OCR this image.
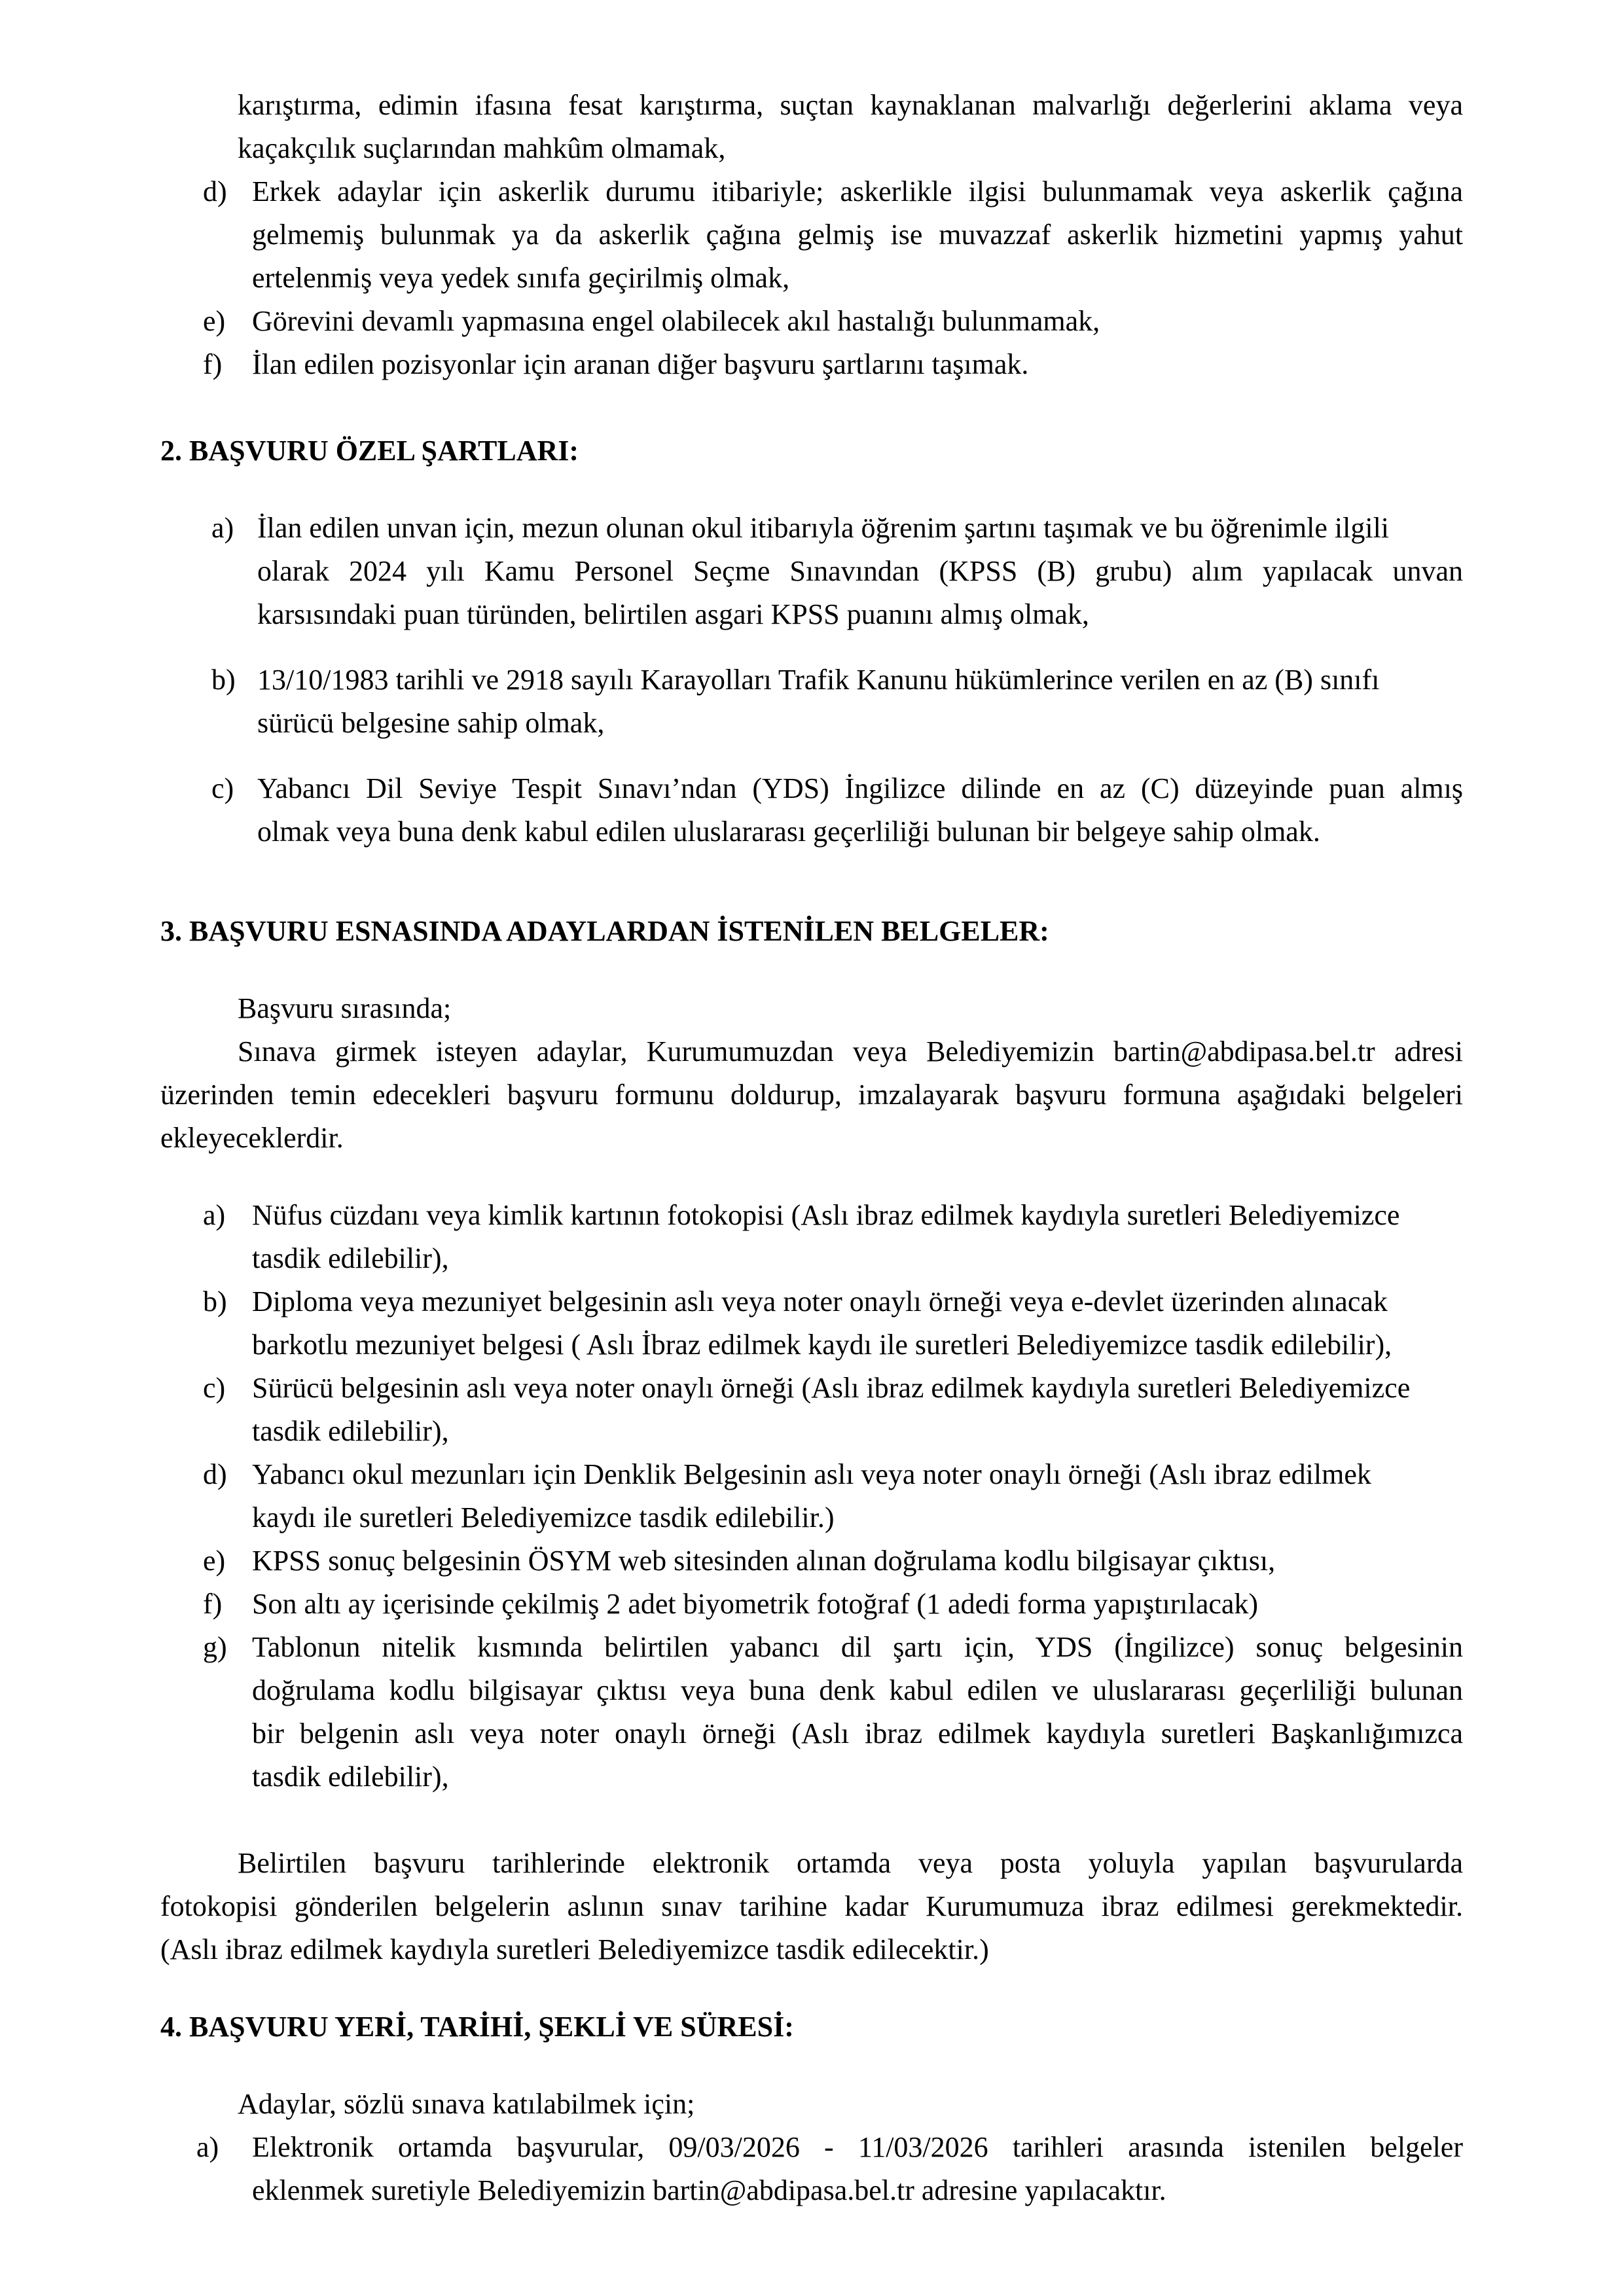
karıştırma, edimin ifasına fesat karıştırma, suçtan kaynaklanan malvarlığı değerlerini aklama veya
kaçakçılık suçlarından mahkûm olmamak,
d) Erkek adaylar için askerlik durumu itibariyle; askerlikle ilgisi bulunmamak veya askerlik çağına
gelmemiş bulunmak ya da askerlik çağına gelmiş ise muvazzaf askerlik hizmetini yapmış yahut
ertelenmiş veya yedek sınıfa geçirilmiş olmak,
e) Görevini devamlı yapmasına engel olabilecek akıl hastalığı bulunmamak,
f)	İlan edilen pozisyonlar için aranan diğer başvuru şartlarını taşımak.
2. BAŞVURU ÖZEL ŞARTLARI:
a) İlan edilen unvan için, mezun olunan okul itibarıyla öğrenim şartını taşımak ve bu öğrenimle ilgili
olarak 2024 yılı Kamu Personel Seçme Sınavından (KPSS (B) grubu) alım yapılacak unvan
karsısındaki puan türünden, belirtilen asgari KPSS puanını almış olmak,
b) 13/10/1983 tarihli ve 2918 sayılı Karayolları Trafik Kanunu hükümlerince verilen en az (B) sınıfı
sürücü belgesine sahip olmak,
c) Yabancı Dil Seviye Tespit Sınavı’ndan (YDS) İngilizce dilinde en az (C) düzeyinde puan almış
olmak veya buna denk kabul edilen uluslararası geçerliliği bulunan bir belgeye sahip olmak.
3. BAŞVURU ESNASINDA ADAYLARDAN İSTENİLEN BELGELER:
Başvuru sırasında;
Sınava girmek isteyen adaylar, Kurumumuzdan veya Belediyemizin bartin@abdipasa.bel.tr adresi
üzerinden temin edecekleri başvuru formunu doldurup, imzalayarak başvuru formuna aşağıdaki belgeleri
ekleyeceklerdir.
a) Nüfus cüzdanı veya kimlik kartının fotokopisi (Aslı ibraz edilmek kaydıyla suretleri Belediyemizce
tasdik edilebilir),
b) Diploma veya mezuniyet belgesinin aslı veya noter onaylı örneği veya e-devlet üzerinden alınacak
barkotlu mezuniyet belgesi ( Aslı İbraz edilmek kaydı ile suretleri Belediyemizce tasdik edilebilir),
c) Sürücü belgesinin aslı veya noter onaylı örneği (Aslı ibraz edilmek kaydıyla suretleri Belediyemizce
tasdik edilebilir),
d) Yabancı okul mezunları için Denklik Belgesinin aslı veya noter onaylı örneği (Aslı ibraz edilmek
kaydı ile suretleri Belediyemizce tasdik edilebilir.)
e) KPSS sonuç belgesinin ÖSYM web sitesinden alınan doğrulama kodlu bilgisayar çıktısı,
f)	Son altı ay içerisinde çekilmiş 2 adet biyometrik fotoğraf (1 adedi forma yapıştırılacak)
g) Tablonun nitelik kısmında belirtilen yabancı dil şartı için, YDS (İngilizce) sonuç belgesinin
doğrulama kodlu bilgisayar çıktısı veya buna denk kabul edilen ve uluslararası geçerliliği bulunan
bir belgenin aslı veya noter onaylı örneği (Aslı ibraz edilmek kaydıyla suretleri Başkanlığımızca
tasdik edilebilir),
Belirtilen başvuru tarihlerinde elektronik ortamda veya posta yoluyla yapılan başvurularda
fotokopisi gönderilen belgelerin aslının sınav tarihine kadar Kurumumuza ibraz edilmesi gerekmektedir.
(Aslı ibraz edilmek kaydıyla suretleri Belediyemizce tasdik edilecektir.)
4. BAŞVURU YERİ, TARİHİ, ŞEKLİ VE SÜRESİ:
Adaylar, sözlü sınava katılabilmek için;
a)	Elektronik ortamda başvurular, 09/03/2026 - 11/03/2026 tarihleri arasında istenilen belgeler
eklenmek suretiyle Belediyemizin bartin@abdipasa.bel.tr adresine yapılacaktır.
